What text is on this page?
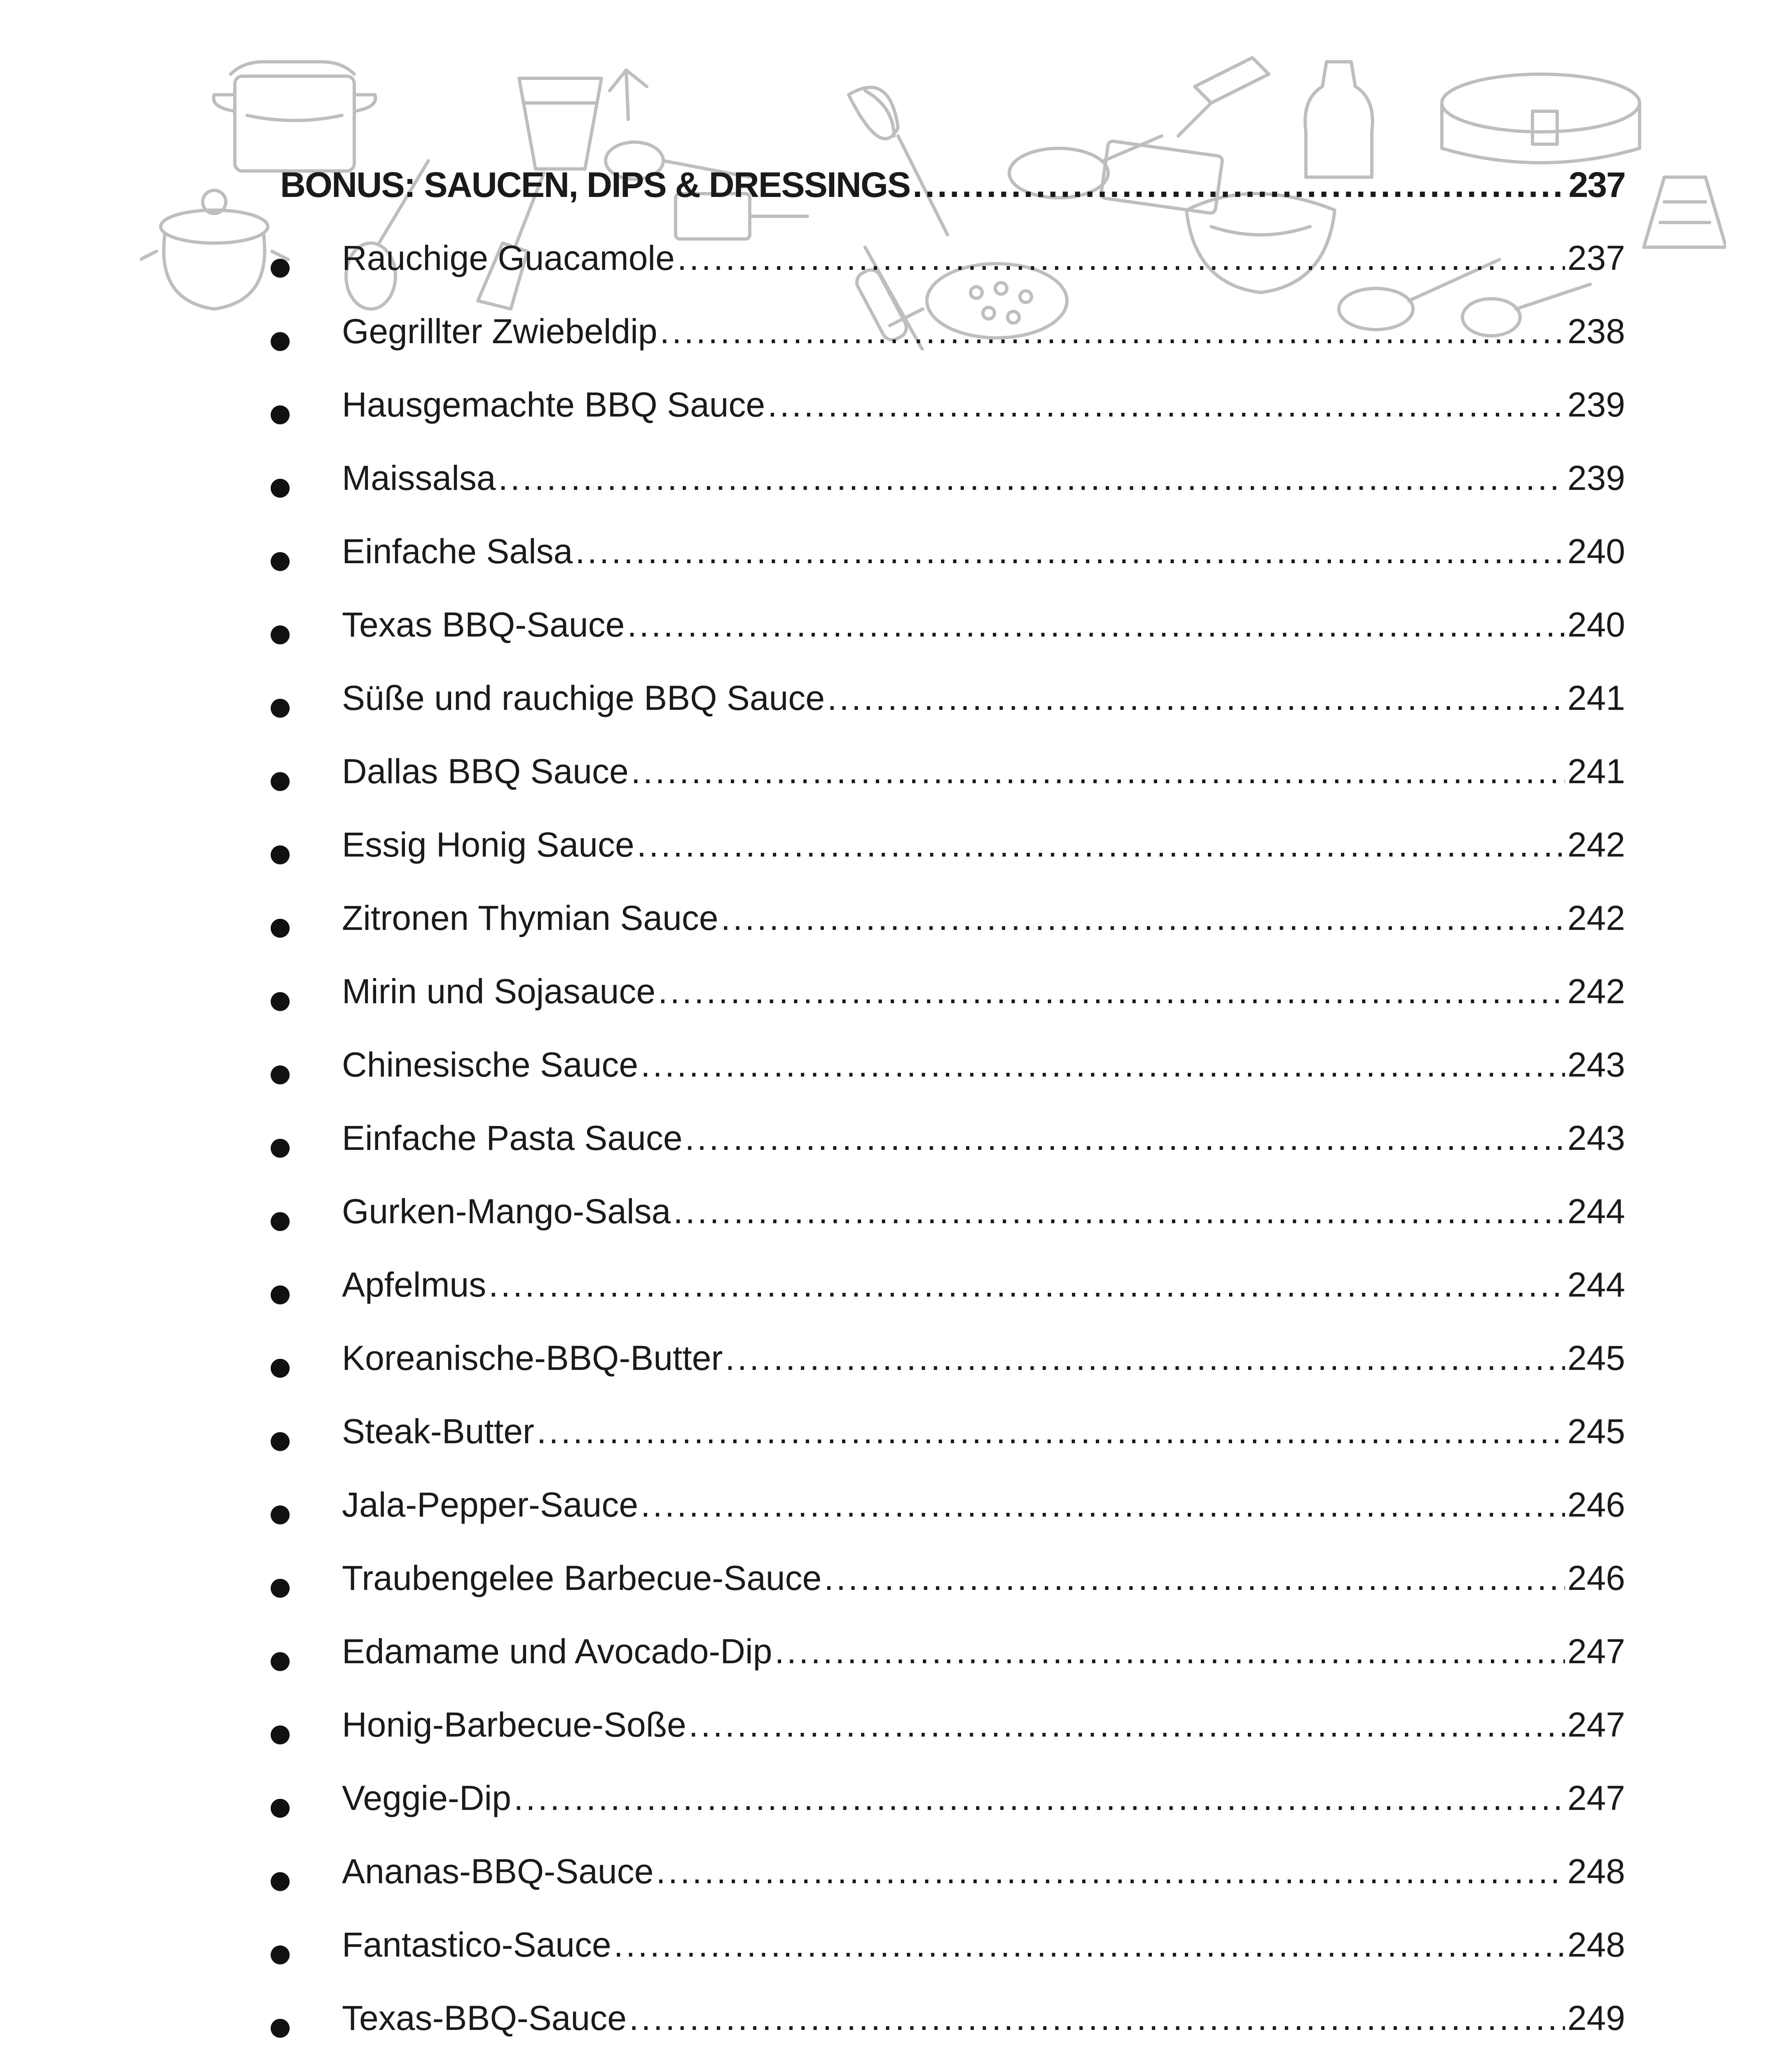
BONUS: SAUCEN, DIPS & DRESSINGS .....	237
Rauchige Guacamole .....	237
Gegrillter Zwiebeldip .....	238
Hausgemachte BBQ Sauce .....	239
Maissalsa .....	239
Einfache Salsa .....	240
Texas BBQ-Sauce .....	240
Süße und rauchige BBQ Sauce .....	241
Dallas BBQ Sauce .....	241
Essig Honig Sauce .....	242
Zitronen Thymian Sauce .....	242
Mirin und Sojasauce .....	242
Chinesische Sauce .....	243
Einfache Pasta Sauce .....	243
Gurken-Mango-Salsa .....	244
Apfelmus .....	244
Koreanische-BBQ-Butter .....	245
Steak-Butter .....	245
Jala-Pepper-Sauce .....	246
Traubengelee Barbecue-Sauce .....	246
Edamame und Avocado-Dip .....	247
Honig-Barbecue-Soße .....	247
Veggie-Dip .....	247
Ananas-BBQ-Sauce .....	248
Fantastico-Sauce .....	248
Texas-BBQ-Sauce .....	249
